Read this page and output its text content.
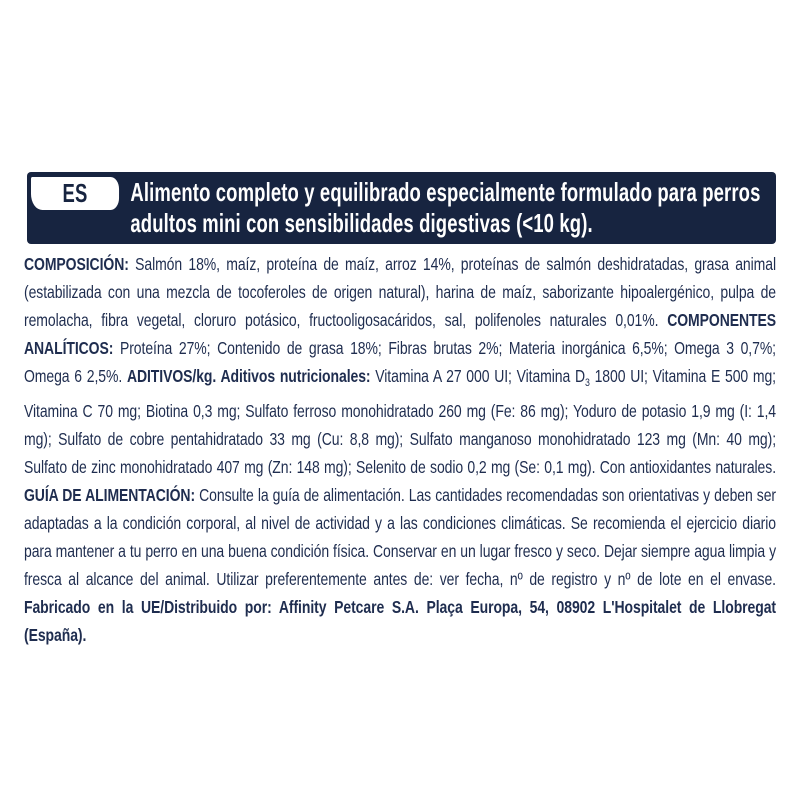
ES	Alimento completo y equilibrado especialmente formulado para perros adultos mini con sensibilidades digestivas (<10 kg).

COMPOSICIÓN: Salmón 18%, maíz, proteína de maíz, arroz 14%, proteínas de salmón deshidratadas, grasa animal (estabilizada con una mezcla de tocoferoles de origen natural), harina de maíz, saborizante hipoalergénico, pulpa de remolacha, fibra vegetal, cloruro potásico, fructooligosacáridos, sal, polifenoles naturales 0,01%. COMPONENTES ANALÍTICOS: Proteína 27%; Contenido de grasa 18%; Fibras brutas 2%; Materia inorgánica 6,5%; Omega 3 0,7%; Omega 6 2,5%. ADITIVOS/kg. Aditivos nutricionales: Vitamina A 27 000 UI; Vitamina $D_3$ 1800 UI; Vitamina E 500 mg; Vitamina C 70 mg; Biotina 0,3 mg; Sulfato ferroso monohidratado 260 mg (Fe: 86 mg); Yoduro de potasio 1,9 mg (I: 1,4 mg); Sulfato de cobre pentahidratado 33 mg (Cu: 8,8 mg); Sulfato manganoso monohidratado 123 mg (Mn: 40 mg); Sulfato de zinc monohidratado 407 mg (Zn: 148 mg); Selenito de sodio 0,2 mg (Se: 0,1 mg). Con antioxidantes naturales. GUÍA DE ALIMENTACIÓN: Consulte la guía de alimentación. Las cantidades recomendadas son orientativas y deben ser adaptadas a la condición corporal, al nivel de actividad y a las condiciones climáticas. Se recomienda el ejercicio diario para mantener a tu perro en una buena condición física. Conservar en un lugar fresco y seco. Dejar siempre agua limpia y fresca al alcance del animal. Utilizar preferentemente antes de: ver fecha, nº de registro y nº de lote en el envase. Fabricado en la UE/Distribuido por: Affinity Petcare S.A. Plaça Europa, 54, 08902 L'Hospitalet de Llobregat (España).
